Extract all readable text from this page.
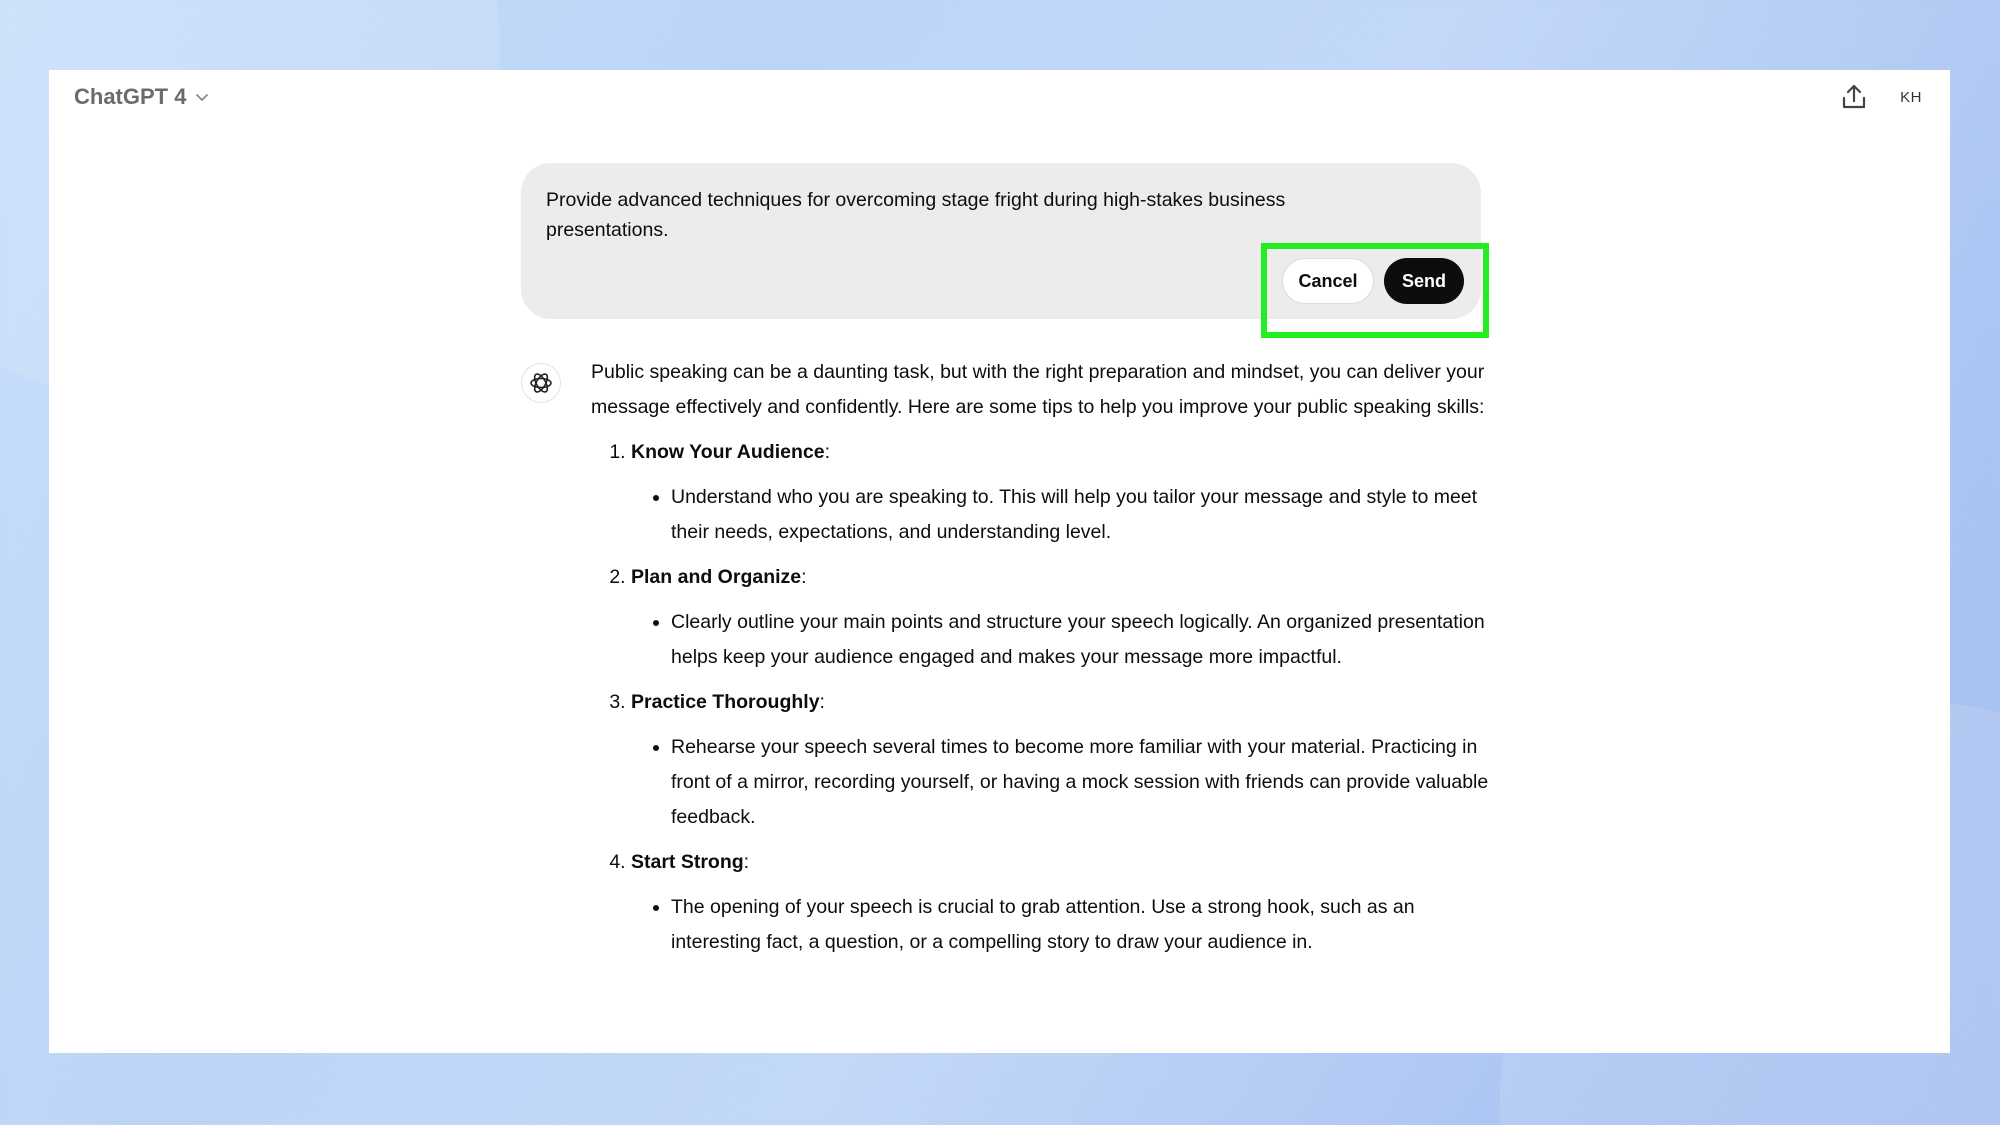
ChatGPT 4	KH
Provide advanced techniques for overcoming stage fright during high-stakes business presentations.
Cancel	Send

Public speaking can be a daunting task, but with the right preparation and mindset, you can deliver your message effectively and confidently. Here are some tips to help you improve your public speaking skills:

1. Know Your Audience:
• Understand who you are speaking to. This will help you tailor your message and style to meet their needs, expectations, and understanding level.
2. Plan and Organize:
• Clearly outline your main points and structure your speech logically. An organized presentation helps keep your audience engaged and makes your message more impactful.
3. Practice Thoroughly:
• Rehearse your speech several times to become more familiar with your material. Practicing in front of a mirror, recording yourself, or having a mock session with friends can provide valuable feedback.
4. Start Strong:
• The opening of your speech is crucial to grab attention. Use a strong hook, such as an interesting fact, a question, or a compelling story to draw your audience in.
